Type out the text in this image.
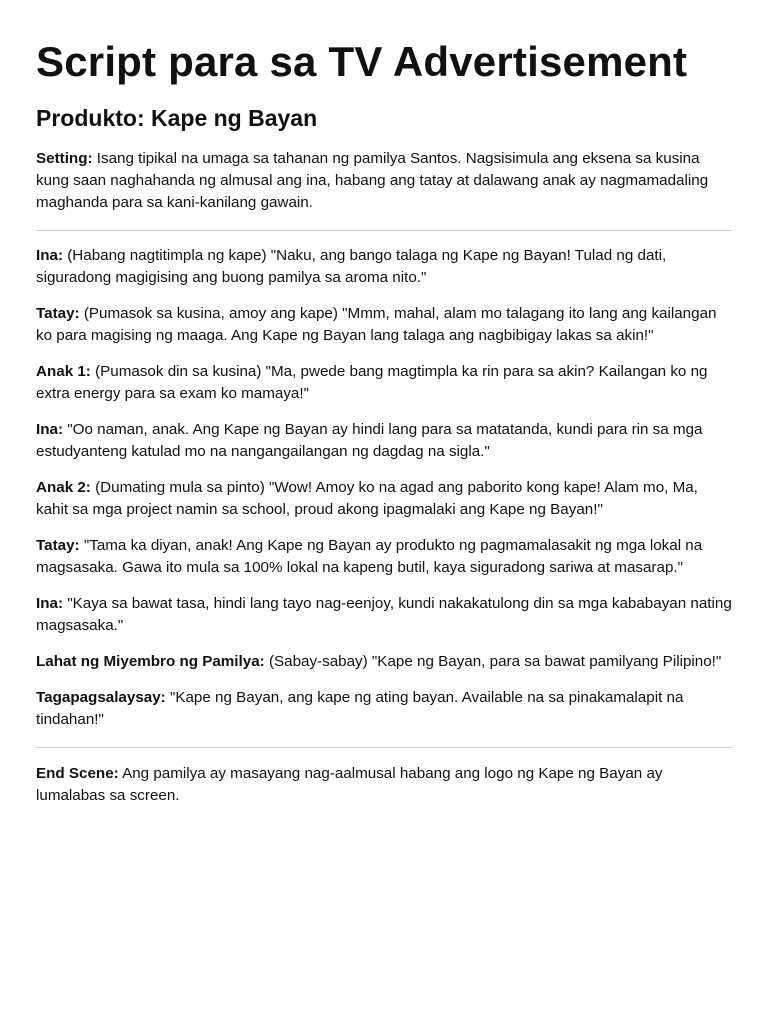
Script para sa TV Advertisement
Produkto: Kape ng Bayan

Setting: Isang tipikal na umaga sa tahanan ng pamilya Santos. Nagsisimula ang eksena sa kusina kung saan naghahanda ng almusal ang ina, habang ang tatay at dalawang anak ay nagmamadaling maghanda para sa kani-kanilang gawain.

Ina: (Habang nagtitimpla ng kape) "Naku, ang bango talaga ng Kape ng Bayan! Tulad ng dati, siguradong magigising ang buong pamilya sa aroma nito."

Tatay: (Pumasok sa kusina, amoy ang kape) "Mmm, mahal, alam mo talagang ito lang ang kailangan ko para magising ng maaga. Ang Kape ng Bayan lang talaga ang nagbibigay lakas sa akin!"

Anak 1: (Pumasok din sa kusina) "Ma, pwede bang magtimpla ka rin para sa akin? Kailangan ko ng extra energy para sa exam ko mamaya!"

Ina: "Oo naman, anak. Ang Kape ng Bayan ay hindi lang para sa matatanda, kundi para rin sa mga estudyanteng katulad mo na nangangailangan ng dagdag na sigla."

Anak 2: (Dumating mula sa pinto) "Wow! Amoy ko na agad ang paborito kong kape! Alam mo, Ma, kahit sa mga project namin sa school, proud akong ipagmalaki ang Kape ng Bayan!"

Tatay: "Tama ka diyan, anak! Ang Kape ng Bayan ay produkto ng pagmamalasakit ng mga lokal na magsasaka. Gawa ito mula sa 100% lokal na kapeng butil, kaya siguradong sariwa at masarap."

Ina: "Kaya sa bawat tasa, hindi lang tayo nag-eenjoy, kundi nakakatulong din sa mga kababayan nating magsasaka."

Lahat ng Miyembro ng Pamilya: (Sabay-sabay) "Kape ng Bayan, para sa bawat pamilyang Pilipino!"

Tagapagsalaysay: "Kape ng Bayan, ang kape ng ating bayan. Available na sa pinakamalapit na tindahan!"

End Scene: Ang pamilya ay masayang nag-aalmusal habang ang logo ng Kape ng Bayan ay lumalabas sa screen.
